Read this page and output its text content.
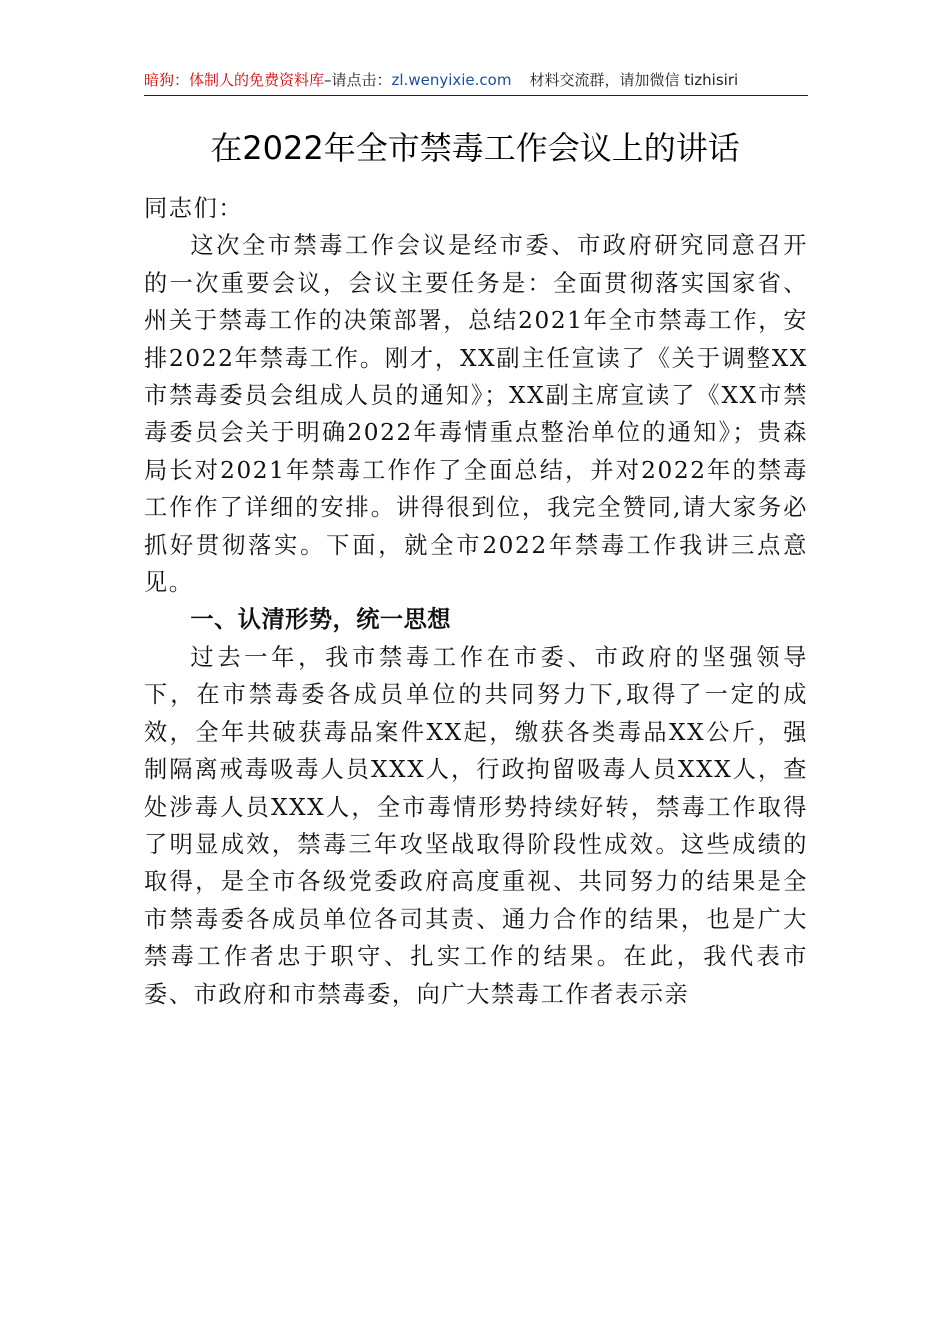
暗狗：体制人的免费资料库–请点击：zl.wenyixie.com 材料交流群，请加微信 tizhisiri
在2022年全市禁毒工作会议上的讲话

同志们：

这次全市禁毒工作会议是经市委、市政府研究同意召开的一次重要会议，会议主要任务是：全面贯彻落实国家省、州关于禁毒工作的决策部署，总结2021年全市禁毒工作，安排2022年禁毒工作。刚才，XX副主任宣读了《关于调整XX市禁毒委员会组成人员的通知》；XX副主席宣读了《XX市禁毒委员会关于明确2022年毒情重点整治单位的通知》；贵森局长对2021年禁毒工作作了全面总结，并对2022年的禁毒工作作了详细的安排。讲得很到位，我完全赞同,请大家务必抓好贯彻落实。下面，就全市2022年禁毒工作我讲三点意见。

一、认清形势，统一思想

过去一年，我市禁毒工作在市委、市政府的坚强领导下，在市禁毒委各成员单位的共同努力下,取得了一定的成效，全年共破获毒品案件XX起，缴获各类毒品XX公斤，强制隔离戒毒吸毒人员XXX人，行政拘留吸毒人员XXX人，查处涉毒人员XXX人，全市毒情形势持续好转，禁毒工作取得了明显成效，禁毒三年攻坚战取得阶段性成效。这些成绩的取得，是全市各级党委政府高度重视、共同努力的结果是全市禁毒委各成员单位各司其责、通力合作的结果，也是广大禁毒工作者忠于职守、扎实工作的结果。在此，我代表市委、市政府和市禁毒委，向广大禁毒工作者表示亲
